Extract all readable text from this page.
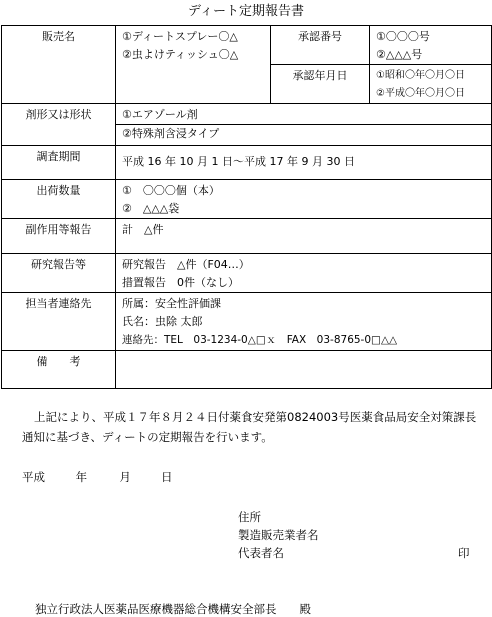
ディート定期報告書
販売名	①ディートスプレー〇△
②虫よけティッシュ〇△	承認番号	①〇〇〇号
②△△△号

		承認年月日	①昭和〇年〇月〇日
②平成〇年〇月〇日

剤形又は形状	①エアゾール剤
②特殊剤含浸タイプ		

調査期間	平成 16 年 10 月 1 日～平成 17 年 9 月 30 日		
出荷数量	①　〇〇〇個（本）
②　△△△袋		

副作用等報告	計　△件		
研究報告等	研究報告　△件（F04…）
措置報告　0件（なし）		

担当者連絡先	所属：安全性評価課
氏名：虫除 太郎
連絡先：TEL　03-1234-0△□ｘ　FAX　03-8765-0□△△		

備　　考			
上記により、平成１７年８月２４日付薬食安発第0824003号医薬食品局安全対策課長通知に基づき、ディートの定期報告を行います。
平成	年	月	日
住所
製造販売業者名
代表者名	印
独立行政法人医薬品医療機器総合機構安全部長　　殿
